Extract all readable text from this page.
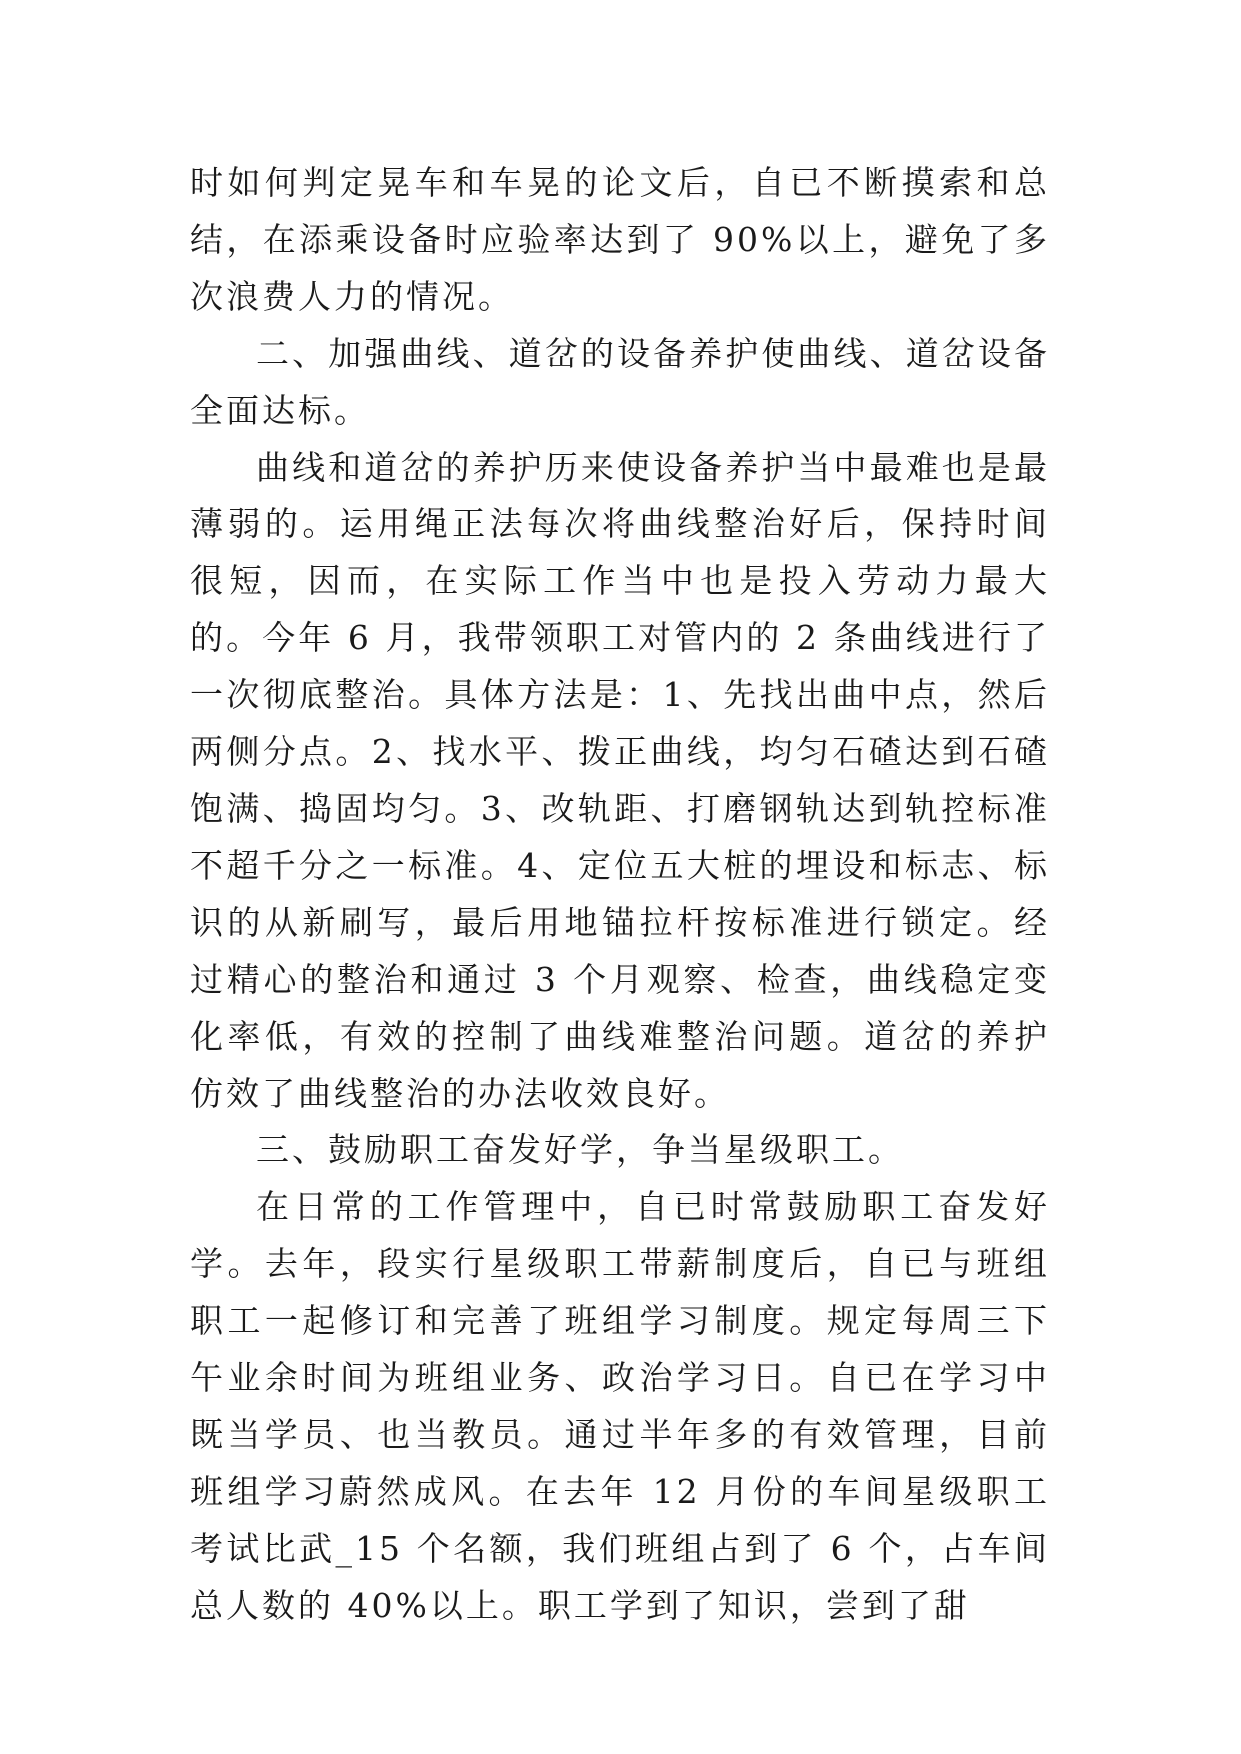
时如何判定晃车和车晃的论文后，自已不断摸索和总结，在添乘设备时应验率达到了 90%以上，避免了多次浪费人力的情况。

二、加强曲线、道岔的设备养护使曲线、道岔设备全面达标。

曲线和道岔的养护历来使设备养护当中最难也是最薄弱的。运用绳正法每次将曲线整治好后，保持时间很短，因而，在实际工作当中也是投入劳动力最大的。今年 6 月，我带领职工对管内的 2 条曲线进行了一次彻底整治。具体方法是：1、先找出曲中点，然后两侧分点。2、找水平、拨正曲线，均匀石碴达到石碴饱满、捣固均匀。3、改轨距、打磨钢轨达到轨控标准不超千分之一标准。4、定位五大桩的埋设和标志、标识的从新刷写，最后用地锚拉杆按标准进行锁定。经过精心的整治和通过 3 个月观察、检查，曲线稳定变化率低，有效的控制了曲线难整治问题。道岔的养护仿效了曲线整治的办法收效良好。

三、鼓励职工奋发好学，争当星级职工。

在日常的工作管理中，自已时常鼓励职工奋发好学。去年，段实行星级职工带薪制度后，自已与班组职工一起修订和完善了班组学习制度。规定每周三下午业余时间为班组业务、政治学习日。自已在学习中既当学员、也当教员。通过半年多的有效管理，目前班组学习蔚然成风。在去年 12 月份的车间星级职工考试比武_15 个名额，我们班组占到了 6 个，占车间总人数的 40%以上。职工学到了知识，尝到了甜
